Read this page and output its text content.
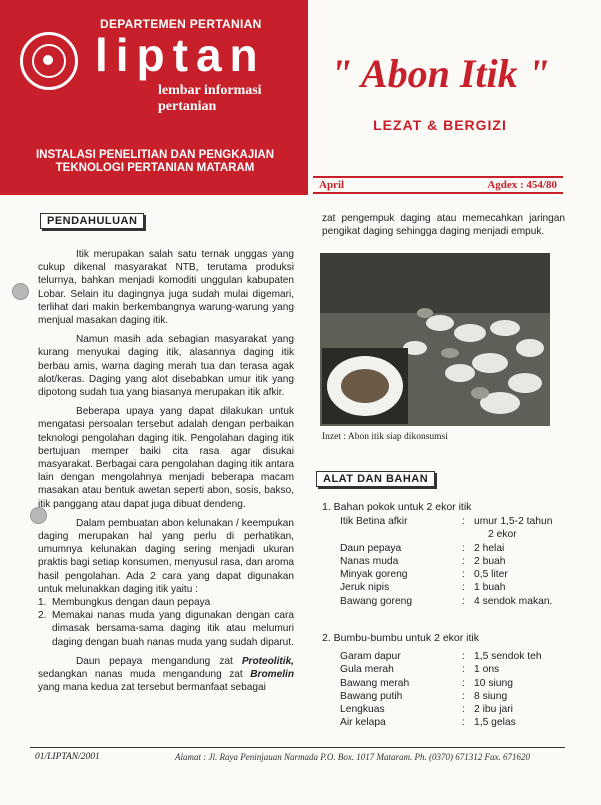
DEPARTEMEN PERTANIAN
liptan
lembar informasi
pertanian
INSTALASI PENELITIAN DAN PENGKAJIAN
TEKNOLOGI PERTANIAN MATARAM
" Abon Itik "
LEZAT & BERGIZI
April	Agdex : 454/80
PENDAHULUAN

Itik merupakan salah satu ternak unggas yang cukup dikenal masyarakat NTB, terutama produksi telurnya, bahkan menjadi komoditi unggulan kabupaten Lobar. Selain itu dagingnya juga sudah mulai digemari, terlihat dari makin berkembangnya warung-warung yang menjual masakan daging itik.

Namun masih ada sebagian masyarakat yang kurang menyukai daging itik, alasannya daging itik berbau amis, warna daging merah tua dan terasa agak alot/keras. Daging yang alot disebabkan umur itik yang dipotong sudah tua yang biasanya merupakan itik afkir.

Beberapa upaya yang dapat dilakukan untuk mengatasi persoalan tersebut adalah dengan perbaikan teknologi pengolahan daging itik. Pengolahan daging itik bertujuan memper baiki cita rasa agar disukai masyarakat. Berbagai cara pengolahan daging itik antara lain dengan mengolahnya menjadi beberapa macam masakan atau bentuk awetan seperti abon, sosis, bakso, itik panggang atau dapat juga dibuat dendeng.

Dalam pembuatan abon kelunakan / keempukan daging merupakan hal yang perlu di perhatikan, umumnya kelunakan daging sering menjadi ukuran praktis bagi setiap konsumen, menyusul rasa, dan aroma hasil pengolahan. Ada 2 cara yang dapat digunakan untuk melunakkan daging itik yaitu :

1. Membungkus dengan daun pepaya
2. Memakai nanas muda yang digunakan dengan cara dimasak bersama-sama daging itik atau melumuri daging dengan buah nanas muda yang sudah diparut.

Daun pepaya mengandung zat Proteolitik, sedangkan nanas muda mengandung zat Bromelin yang mana kedua zat tersebut bermanfaat sebagai

zat pengempuk daging atau memecahkan jaringan pengikat daging sehingga daging menjadi empuk.

Inzet : Abon itik siap dikonsumsi
ALAT DAN BAHAN
1. Bahan pokok untuk 2 ekor itik
Itik Betina afkir	:	umur 1,5-2 tahun
		2 ekor
Daun pepaya	:	2 helai
Nanas muda	:	2 buah
Minyak goreng	:	0,5 liter
Jeruk nipis	:	1 buah
Bawang goreng	:	4 sendok makan.
2. Bumbu-bumbu untuk 2 ekor itik
Garam dapur	:	1,5 sendok teh
Gula merah	:	1 ons
Bawang merah	:	10 siung
Bawang putih	:	8 siung
Lengkuas	:	2 ibu jari
Air kelapa	:	1,5 gelas
01/LIPTAN/2001	Alamat : Jl. Raya Peninjauan Narmada P.O. Box. 1017 Mataram. Ph. (0370) 671312 Fax. 671620
